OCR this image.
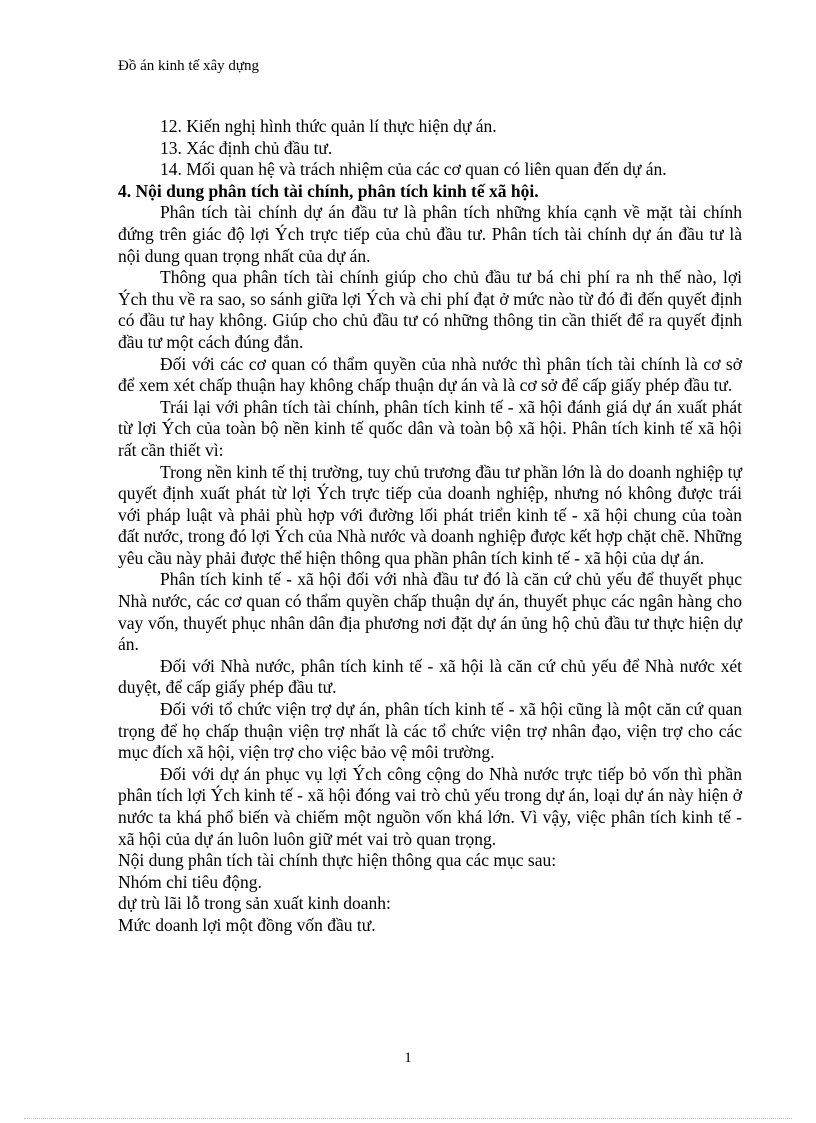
Đồ án kinh tế xây dựng

12. Kiến nghị hình thức quản lí thực hiện dự án.

13. Xác định chủ đầu tư.

14. Mối quan hệ và trách nhiệm của các cơ quan có liên quan đến dự án.

4. Nội dung phân tích tài chính, phân tích kinh tế xã hội.

Phân tích tài chính dự án đầu tư là phân tích những khía cạnh về mặt tài chính đứng trên giác độ lợi Ých trực tiếp của chủ đầu tư. Phân tích tài chính dự án đầu tư là nội dung quan trọng nhất của dự án.

Thông qua phân tích tài chính giúp cho chủ đầu tư bá chi phí ra nh thế nào, lợi Ých thu về ra sao, so sánh giữa lợi Ých và chi phí đạt ở mức nào từ đó đi đến quyết định có đầu tư hay không. Giúp cho chủ đầu tư có những thông tin cần thiết để ra quyết định đầu tư một cách đúng đắn.

Đối với các cơ quan có thẩm quyền của nhà nước thì phân tích tài chính là cơ sở để xem xét chấp thuận hay không chấp thuận dự án và là cơ sở để cấp giấy phép đầu tư.

Trái lại với phân tích tài chính, phân tích kinh tế - xã hội đánh giá dự án xuất phát từ lợi Ých của toàn bộ nền kinh tế quốc dân và toàn bộ xã hội. Phân tích kinh tế xã hội rất cần thiết vì:

Trong nền kinh tế thị trường, tuy chủ trương đầu tư phần lớn là do doanh nghiệp tự quyết định xuất phát từ lợi Ých trực tiếp của doanh nghiệp, nhưng nó không được trái với pháp luật và phải phù hợp với đường lối phát triển kinh tế - xã hội chung của toàn đất nước, trong đó lợi Ých của Nhà nước và doanh nghiệp được kết hợp chặt chẽ. Những yêu cầu này phải được thể hiện thông qua phần phân tích kinh tế - xã hội của dự án.

Phân tích kinh tế - xã hội đối với nhà đầu tư đó là căn cứ chủ yếu để thuyết phục Nhà nước, các cơ quan có thẩm quyền chấp thuận dự án, thuyết phục các ngân hàng cho vay vốn, thuyết phục nhân dân địa phương nơi đặt dự án ủng hộ chủ đầu tư thực hiện dự án.

Đối với Nhà nước, phân tích kinh tế - xã hội là căn cứ chủ yếu để Nhà nước xét duyệt, để cấp giấy phép đầu tư.

Đối với tổ chức viện trợ dự án, phân tích kinh tế - xã hội cũng là một căn cứ quan trọng để họ chấp thuận viện trợ nhất là các tổ chức viện trợ nhân đạo, viện trợ cho các mục đích xã hội, viện trợ cho việc bảo vệ môi trường.

Đối với dự án phục vụ lợi Ých công cộng do Nhà nước trực tiếp bỏ vốn thì phần phân tích lợi Ých kinh tế - xã hội đóng vai trò chủ yếu trong dự án, loại dự án này hiện ở nước ta khá phổ biến và chiếm một nguồn vốn khá lớn. Vì vậy, việc phân tích kinh tế - xã hội của dự án luôn luôn giữ mét vai trò quan trọng.

Nội dung phân tích tài chính thực hiện thông qua các mục sau:

Nhóm chỉ tiêu động.

dự trù lãi lỗ trong sản xuất kinh doanh:

Mức doanh lợi một đồng vốn đầu tư.

1
